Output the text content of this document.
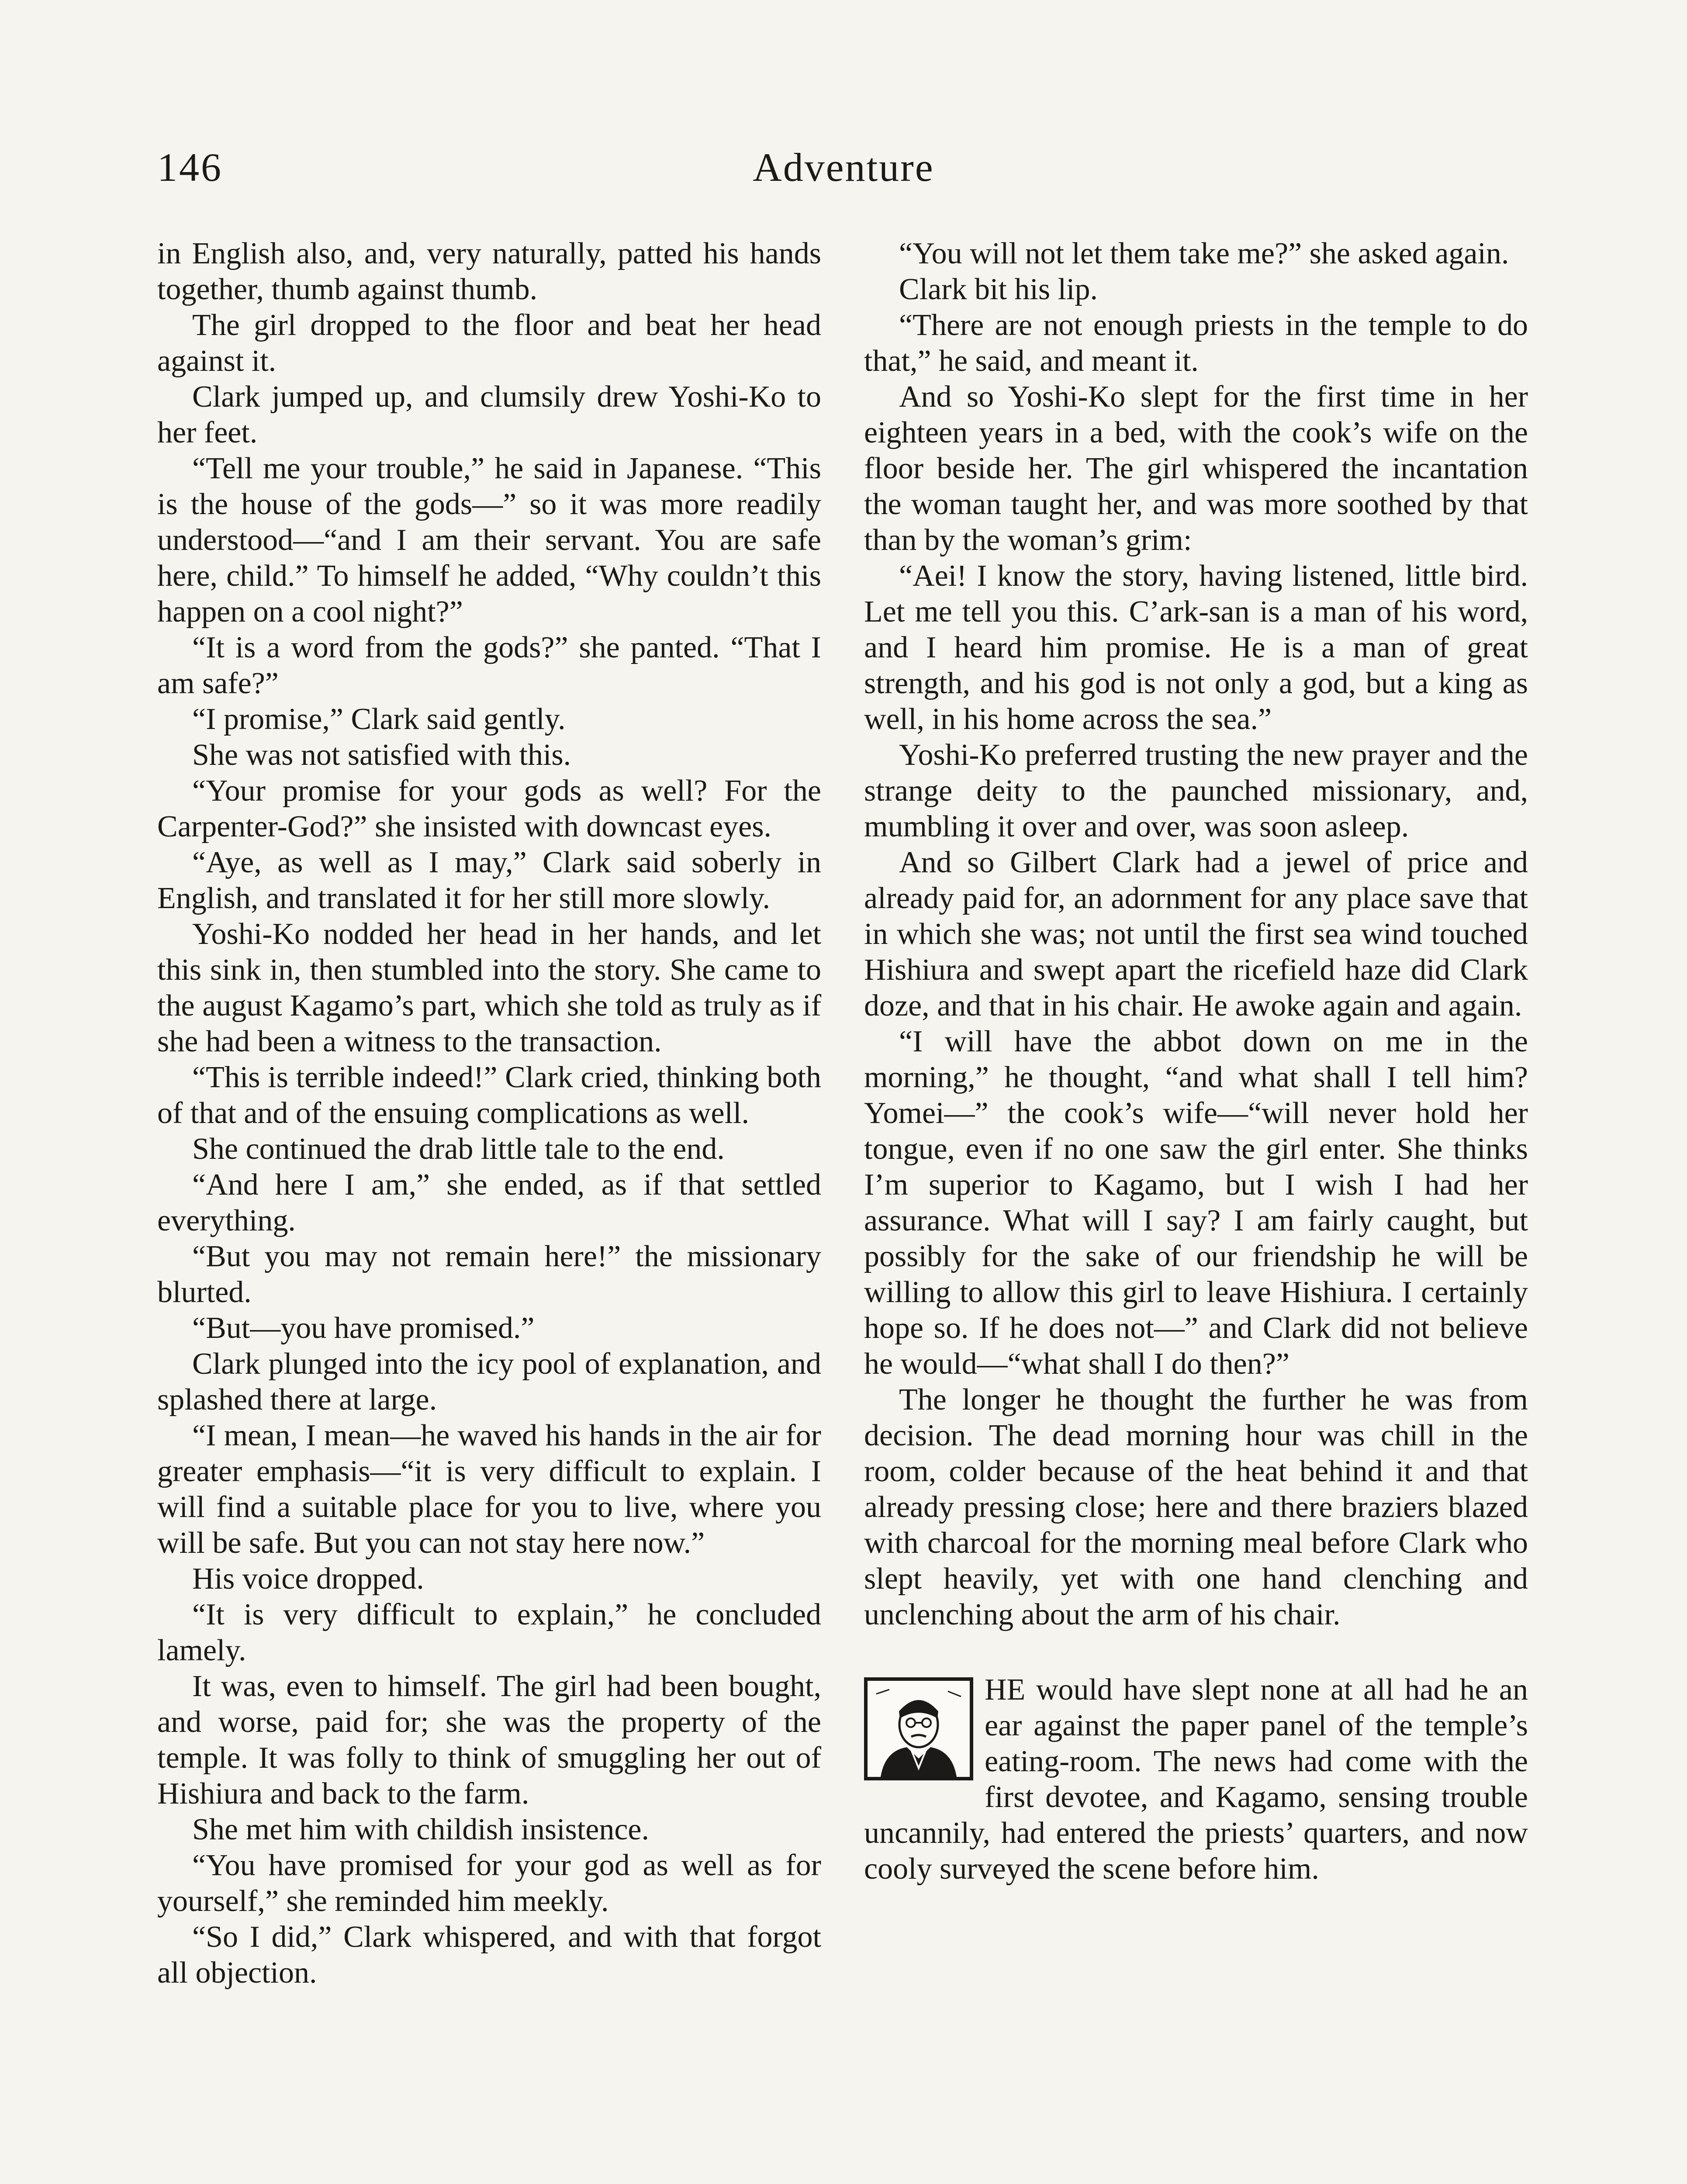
146	Adventure

in English also, and, very naturally, patted his hands together, thumb against thumb.

The girl dropped to the floor and beat her head against it.

Clark jumped up, and clumsily drew Yoshi-Ko to her feet.

“Tell me your trouble,” he said in Japanese. “This is the house of the gods—” so it was more readily understood—“and I am their servant. You are safe here, child.” To himself he added, “Why couldn’t this happen on a cool night?”

“It is a word from the gods?” she panted. “That I am safe?”

“I promise,” Clark said gently.

She was not satisfied with this.

“Your promise for your gods as well? For the Carpenter-God?” she insisted with downcast eyes.

“Aye, as well as I may,” Clark said soberly in English, and translated it for her still more slowly.

Yoshi-Ko nodded her head in her hands, and let this sink in, then stumbled into the story. She came to the august Kagamo’s part, which she told as truly as if she had been a witness to the transaction.

“This is terrible indeed!” Clark cried, thinking both of that and of the ensuing complications as well.

She continued the drab little tale to the end.

“And here I am,” she ended, as if that settled everything.

“But you may not remain here!” the missionary blurted.

“But—you have promised.”

Clark plunged into the icy pool of explanation, and splashed there at large.

“I mean, I mean—he waved his hands in the air for greater emphasis—“it is very difficult to explain. I will find a suitable place for you to live, where you will be safe. But you can not stay here now.”

His voice dropped.

“It is very difficult to explain,” he concluded lamely.

It was, even to himself. The girl had been bought, and worse, paid for; she was the property of the temple. It was folly to think of smuggling her out of Hishiura and back to the farm.

She met him with childish insistence.

“You have promised for your god as well as for yourself,” she reminded him meekly.

“So I did,” Clark whispered, and with that forgot all objection.

“You will not let them take me?” she asked again.

Clark bit his lip.

“There are not enough priests in the temple to do that,” he said, and meant it.

And so Yoshi-Ko slept for the first time in her eighteen years in a bed, with the cook’s wife on the floor beside her. The girl whispered the incantation the woman taught her, and was more soothed by that than by the woman’s grim:

“Aei! I know the story, having listened, little bird. Let me tell you this. C’ark-san is a man of his word, and I heard him promise. He is a man of great strength, and his god is not only a god, but a king as well, in his home across the sea.”

Yoshi-Ko preferred trusting the new prayer and the strange deity to the paunched missionary, and, mumbling it over and over, was soon asleep.

And so Gilbert Clark had a jewel of price and already paid for, an adornment for any place save that in which she was; not until the first sea wind touched Hishiura and swept apart the ricefield haze did Clark doze, and that in his chair. He awoke again and again.

“I will have the abbot down on me in the morning,” he thought, “and what shall I tell him? Yomei—” the cook’s wife—“will never hold her tongue, even if no one saw the girl enter. She thinks I’m superior to Kagamo, but I wish I had her assurance. What will I say? I am fairly caught, but possibly for the sake of our friendship he will be willing to allow this girl to leave Hishiura. I certainly hope so. If he does not—” and Clark did not believe he would—“what shall I do then?”

The longer he thought the further he was from decision. The dead morning hour was chill in the room, colder because of the heat behind it and that already pressing close; here and there braziers blazed with charcoal for the morning meal before Clark who slept heavily, yet with one hand clenching and unclenching about the arm of his chair.

HE would have slept none at all had he an ear against the paper panel of the temple’s eating-room. The news had come with the first devotee, and Kagamo, sensing trouble uncannily, had entered the priests’ quarters, and now cooly surveyed the scene before him.
